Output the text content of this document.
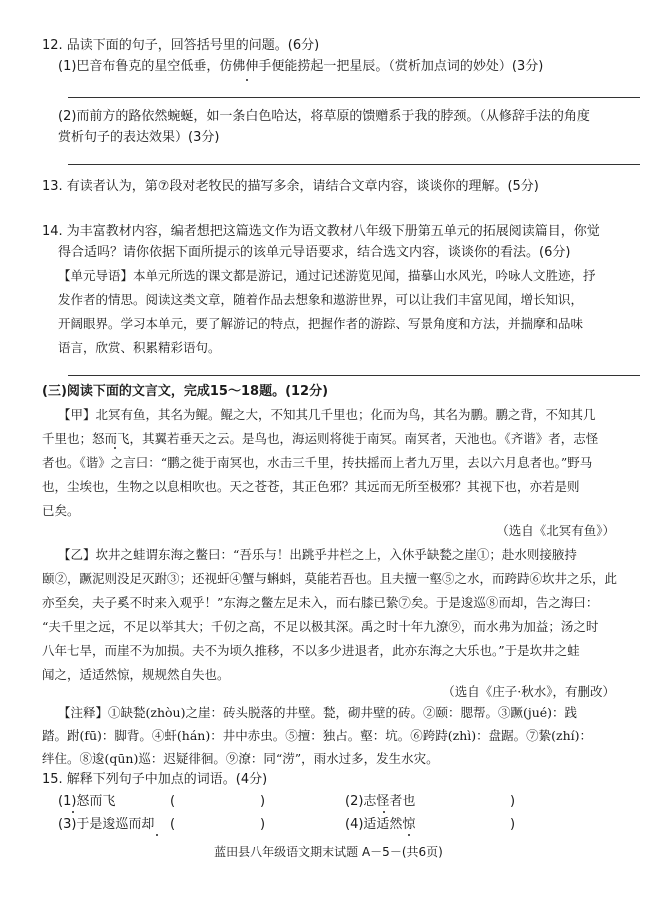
12. 品读下面的句子，回答括号里的问题。(6分)
(1)巴音布鲁克的星空低垂，仿佛伸手便能捞起一把星辰。（赏析加点词的妙处）(3分)
(2)而前方的路依然蜿蜒，如一条白色哈达，将草原的馈赠系于我的脖颈。（从修辞手法的角度
赏析句子的表达效果）(3分)
13. 有读者认为，第⑦段对老牧民的描写多余，请结合文章内容，谈谈你的理解。(5分)
14. 为丰富教材内容，编者想把这篇选文作为语文教材八年级下册第五单元的拓展阅读篇目，你觉
得合适吗？请你依据下面所提示的该单元导语要求，结合选文内容，谈谈你的看法。(6分)
【单元导语】本单元所选的课文都是游记，通过记述游览见闻，描摹山水风光，吟咏人文胜迹，抒
发作者的情思。阅读这类文章，随着作品去想象和遨游世界，可以让我们丰富见闻，增长知识，
开阔眼界。学习本单元，要了解游记的特点，把握作者的游踪、写景角度和方法，并揣摩和品味
语言，欣赏、积累精彩语句。
(三)阅读下面的文言文，完成15～18题。(12分)
【甲】北冥有鱼，其名为鲲。鲲之大，不知其几千里也；化而为鸟，其名为鹏。鹏之背，不知其几
千里也；怒而飞，其翼若垂天之云。是鸟也，海运则将徙于南冥。南冥者，天池也。《齐谐》者，志怪
者也。《谐》之言曰：“鹏之徙于南冥也，水击三千里，抟扶摇而上者九万里，去以六月息者也。”野马
也，尘埃也，生物之以息相吹也。天之苍苍，其正色邪？其远而无所至极邪？其视下也，亦若是则
已矣。
（选自《北冥有鱼》）
【乙】坎井之蛙谓东海之鳖曰：“吾乐与！出跳乎井栏之上，入休乎缺甃之崖①；赴水则接腋持
颐②，蹶泥则没足灭跗③；还视虷④蟹与蝌蚪，莫能若吾也。且夫擅一壑⑤之水，而跨跱⑥坎井之乐，此
亦至矣，夫子奚不时来入观乎！”东海之鳖左足未入，而右膝已絷⑦矣。于是逡巡⑧而却，告之海曰：
“夫千里之远，不足以举其大；千仞之高，不足以极其深。禹之时十年九潦⑨，而水弗为加益；汤之时
八年七旱，而崖不为加损。夫不为顷久推移，不以多少进退者，此亦东海之大乐也。”于是坎井之蛙
闻之，适适然惊，规规然自失也。
（选自《庄子·秋水》，有删改）
【注释】①缺甃(zhòu)之崖：砖头脱落的井壁。甃，砌井壁的砖。②颐：腮帮。③蹶(jué)：践
踏。跗(fū)：脚背。④虷(hán)：井中赤虫。⑤擅：独占。壑：坑。⑥跨跱(zhì)：盘踞。⑦絷(zhí)：
绊住。⑧逡(qūn)巡：迟疑徘徊。⑨潦：同“涝”，雨水过多，发生水灾。
15. 解释下列句子中加点的词语。(4分)
(1)怒而飞	(	)	(2)志怪者也	)
(3)于是逡巡而却 (	)	(4)适适然惊	)
蓝田县八年级语文期末试题 A－5－(共6页)
